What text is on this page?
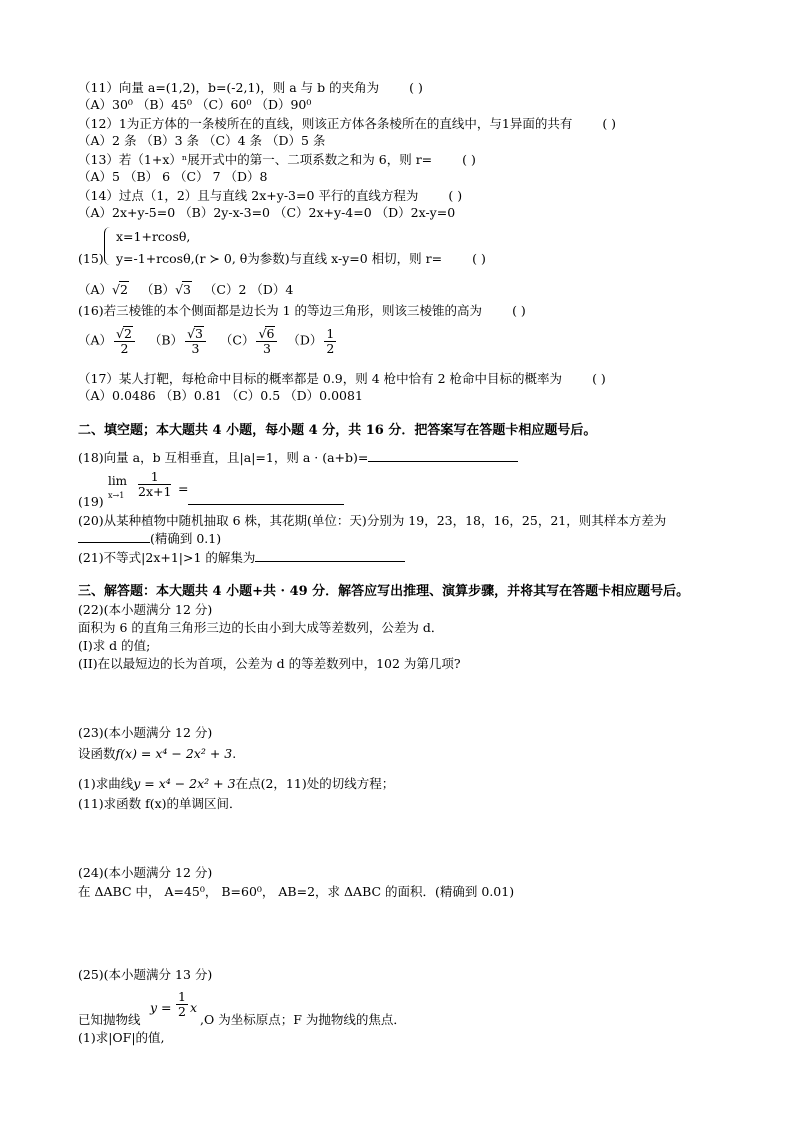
（11）向量 a=(1,2)，b=(-2,1)，则 a 与 b 的夹角为 ( )
（A）30⁰ （B）45⁰ （C）60⁰ （D）90⁰
（12）1为正方体的一条棱所在的直线，则该正方体各条棱所在的直线中，与1异面的共有 ( )
（A）2 条 （B）3 条 （C）4 条 （D）5 条
（13）若（1+x）ⁿ展开式中的第一、二项系数之和为 6，则 r= ( )
（A）5 （B） 6 （C） 7 （D）8
（14）过点（1，2）且与直线 2x+y-3=0 平行的直线方程为 ( )
（A）2x+y-5=0 （B）2y-x-3=0 （C）2x+y-4=0 （D）2x-y=0
x=1+rcosθ,
(15) y=-1+rcosθ,(r ≻ 0, θ为参数)与直线 x-y=0 相切，则 r= ( )
（A）√2 （B）√3 （C）2 （D）4
(16)若三棱锥的本个侧面都是边长为 1 的等边三角形，则该三棱锥的高为 ( )
$(A) \frac{√2}{2} (B) \frac{√3}{3} (C) \frac{√6}{3} (D) \frac{1}{2}$
（17）某人打靶，每枪命中目标的概率都是 0.9，则 4 枪中恰有 2 枪命中目标的概率为 ( )
（A）0.0486 （B）0.81 （C）0.5 （D）0.0081
二、填空题；本大题共 4 小题，每小题 4 分，共 16 分．把答案写在答题卡相应题号后。
(18)向量 a，b 互相垂直，且|a|=1，则 a · (a+b)=
(19)
lim
$x\to 1 \frac{1}{2x+1}$ =
(20)从某种植物中随机抽取 6 株，其花期(单位：天)分别为 19，23，18，16，25，21，则其样本方差为
(精确到 0.1)
(21)不等式|2x+1|>1 的解集为
三、解答题：本大题共 4 小题+共 · 49 分．解答应写出推理、演算步骤，并将其写在答题卡相应题号后。
(22)(本小题满分 12 分)
面积为 6 的直角三角形三边的长由小到大成等差数列，公差为 d．
(I)求 d 的值;
(II)在以最短边的长为首项，公差为 d 的等差数列中，102 为第几项?
(23)(本小题满分 12 分)
设函数f(x) = x⁴ − 2x² + 3.
(1)求曲线y = x⁴ − 2x² + 3在点(2，11)处的切线方程；
(11)求函数 f(x)的单调区间．
(24)(本小题满分 12 分)
在 ΔABC 中， A=45⁰， B=60⁰， AB=2，求 ΔABC 的面积．(精确到 0.01)
(25)(本小题满分 13 分)
已知抛物线
$y = \frac{1}{2}$ x
,O 为坐标原点；F 为抛物线的焦点．
(1)求|OF|的值,
